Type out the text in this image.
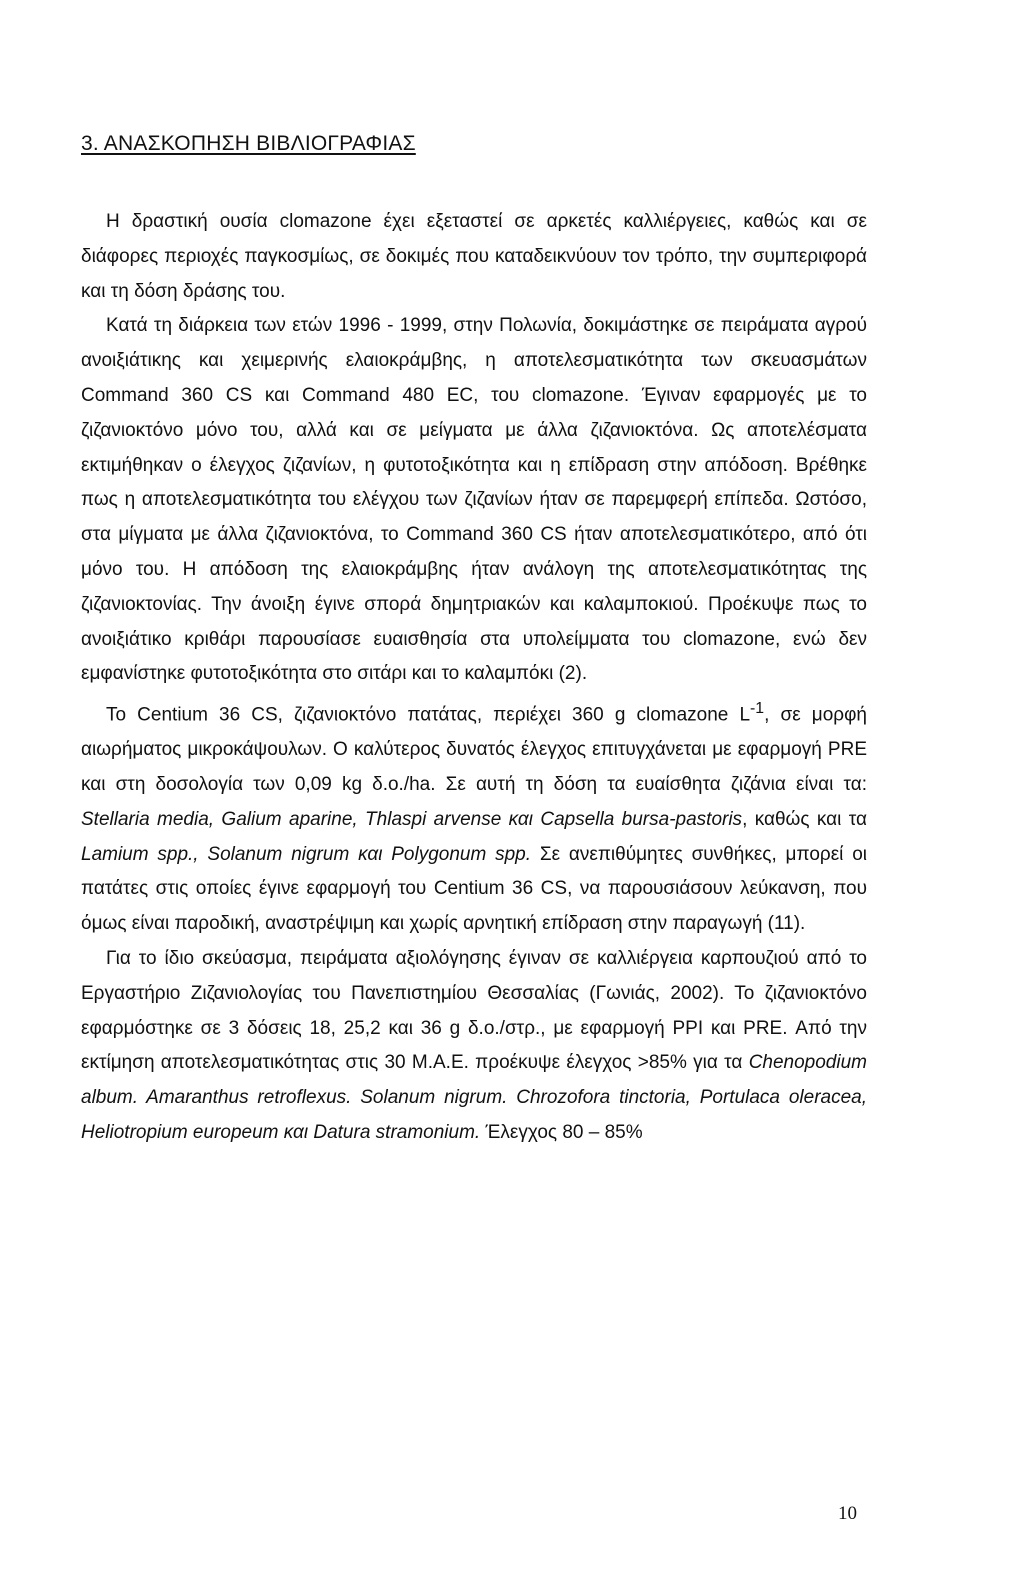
3. ΑΝΑΣΚΟΠΗΣΗ ΒΙΒΛΙΟΓΡΑΦΙΑΣ

Η δραστική ουσία clomazone έχει εξεταστεί σε αρκετές καλλιέργειες, καθώς και σε διάφορες περιοχές παγκοσμίως, σε δοκιμές που καταδεικνύουν τον τρόπο, την συμπεριφορά και τη δόση δράσης του.

Κατά τη διάρκεια των ετών 1996 - 1999, στην Πολωνία, δοκιμάστηκε σε πειράματα αγρού ανοιξιάτικης και χειμερινής ελαιοκράμβης, η αποτελεσματικότητα των σκευασμάτων Command 360 CS και Command 480 EC, του clomazone. Έγιναν εφαρμογές με το ζιζανιοκτόνο μόνο του, αλλά και σε μείγματα με άλλα ζιζανιοκτόνα. Ως αποτελέσματα εκτιμήθηκαν ο έλεγχος ζιζανίων, η φυτοτοξικότητα και η επίδραση στην απόδοση. Βρέθηκε πως η αποτελεσματικότητα του ελέγχου των ζιζανίων ήταν σε παρεμφερή επίπεδα. Ωστόσο, στα μίγματα με άλλα ζιζανιοκτόνα, το Command 360 CS ήταν αποτελεσματικότερο, από ότι μόνο του. Η απόδοση της ελαιοκράμβης ήταν ανάλογη της αποτελεσματικότητας της ζιζανιοκτονίας. Την άνοιξη έγινε σπορά δημητριακών και καλαμποκιού. Προέκυψε πως το ανοιξιάτικο κριθάρι παρουσίασε ευαισθησία στα υπολείμματα του clomazone, ενώ δεν εμφανίστηκε φυτοτοξικότητα στο σιτάρι και το καλαμπόκι (2).

Το Centium 36 CS, ζιζανιοκτόνο πατάτας, περιέχει 360 g clomazone $L^{-1}$, σε μορφή αιωρήματος μικροκάψουλων. Ο καλύτερος δυνατός έλεγχος επιτυγχάνεται με εφαρμογή PRE και στη δοσολογία των 0,09 kg δ.ο./ha. Σε αυτή τη δόση τα ευαίσθητα ζιζάνια είναι τα: Stellaria media, Galium aparine, Thlaspi arvense και Capsella bursa-pastoris, καθώς και τα Lamium spp., Solanum nigrum και Polygonum spp. Σε ανεπιθύμητες συνθήκες, μπορεί οι πατάτες στις οποίες έγινε εφαρμογή του Centium 36 CS, να παρουσιάσουν λεύκανση, που όμως είναι παροδική, αναστρέψιμη και χωρίς αρνητική επίδραση στην παραγωγή (11).

Για το ίδιο σκεύασμα, πειράματα αξιολόγησης έγιναν σε καλλιέργεια καρπουζιού από το Εργαστήριο Ζιζανιολογίας του Πανεπιστημίου Θεσσαλίας (Γωνιάς, 2002). Το ζιζανιοκτόνο εφαρμόστηκε σε 3 δόσεις 18, 25,2 και 36 g δ.ο./στρ., με εφαρμογή PPI και PRE. Από την εκτίμηση αποτελεσματικότητας στις 30 Μ.Α.Ε. προέκυψε έλεγχος >85% για τα Chenopodium album. Amaranthus retroflexus. Solanum nigrum. Chrozofora tinctoria, Portulaca oleracea, Heliotropium europeum και Datura stramonium. Έλεγχος 80 – 85%

10
